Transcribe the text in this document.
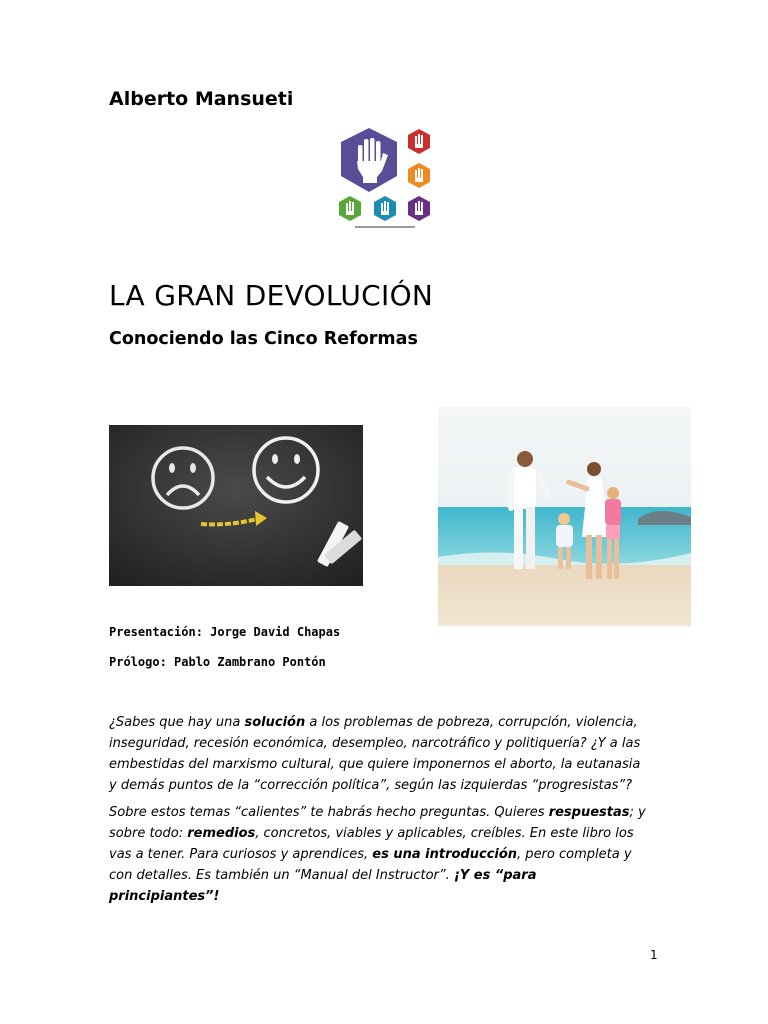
Alberto Mansueti
LA GRAN DEVOLUCIÓN
Conociendo las Cinco Reformas
Presentación: Jorge David Chapas
Prólogo: Pablo Zambrano Pontón

¿Sabes que hay una solución a los problemas de pobreza, corrupción, violencia, inseguridad, recesión económica, desempleo, narcotráfico y politiquería? ¿Y a las embestidas del marxismo cultural, que quiere imponernos el aborto, la eutanasia y demás puntos de la “corrección política”, según las izquierdas “progresistas”?

Sobre estos temas “calientes” te habrás hecho preguntas. Quieres respuestas; y sobre todo: remedios, concretos, viables y aplicables, creíbles. En este libro los vas a tener. Para curiosos y aprendices, es una introducción, pero completa y con detalles. Es también un “Manual del Instructor”. ¡Y es “para principiantes”!

1
